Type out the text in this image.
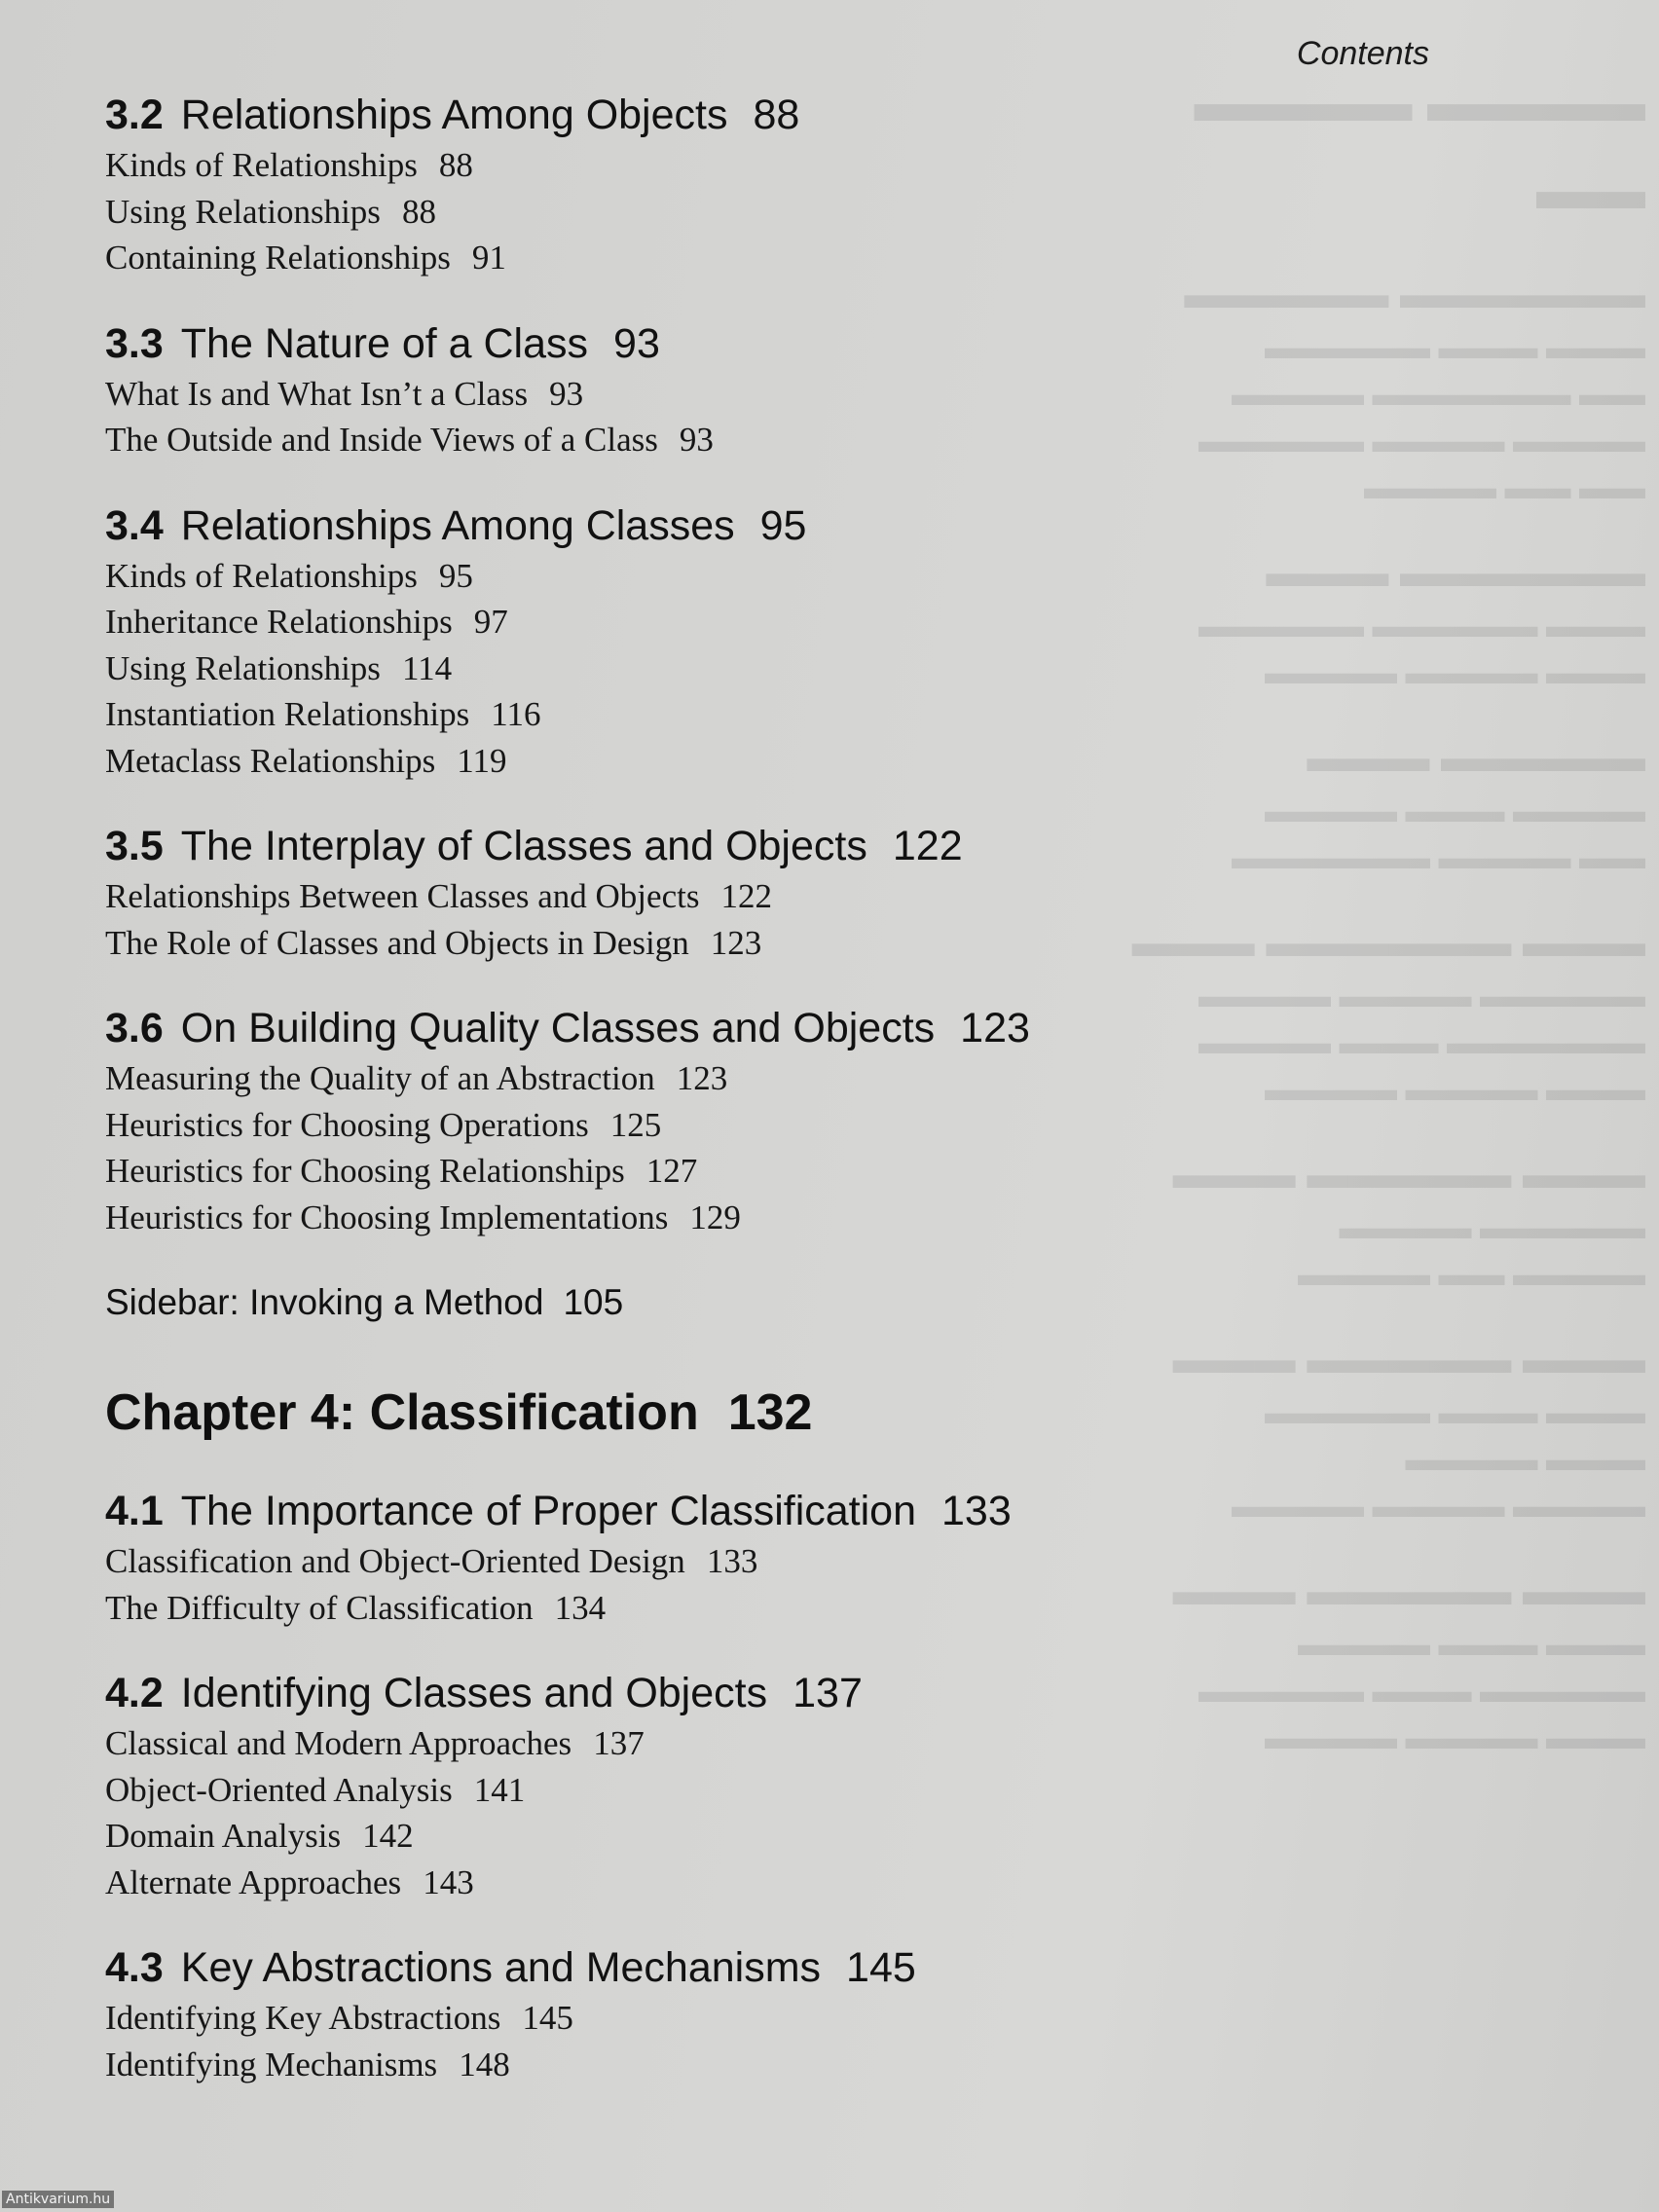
▬▬▬▬ ▬▬▬▬ ▬▬
▬▬▬▬▬ ▬▬▬▬▬▬
▬▬▬▬▬ ▬▬▬ ▬▬▬
▬▬▬▬ ▬▬▬▬▬▬ ▬▬
▬▬▬▬▬ ▬▬▬▬ ▬▬▬▬
▬▬▬▬ ▬▬ ▬▬
▬▬▬ ▬▬▬▬▬▬
▬▬▬▬▬ ▬▬▬▬▬ ▬▬▬
▬▬▬▬ ▬▬▬▬ ▬▬▬
▬▬▬ ▬▬▬▬▬
▬▬▬▬ ▬▬▬ ▬▬▬▬
▬▬▬▬▬▬ ▬▬▬▬ ▬▬
▬▬▬ ▬▬▬▬▬▬ ▬▬▬
▬▬▬▬ ▬▬▬▬ ▬▬▬▬▬
▬▬▬▬ ▬▬▬ ▬▬▬▬▬▬
▬▬▬▬ ▬▬▬▬ ▬▬▬
▬▬▬ ▬▬▬▬▬ ▬▬▬
▬▬▬▬ ▬▬▬▬▬
▬▬▬▬ ▬▬ ▬▬▬▬
▬▬▬ ▬▬▬▬▬ ▬▬▬
▬▬▬▬▬ ▬▬▬ ▬▬▬
▬▬▬▬ ▬▬▬
▬▬▬▬ ▬▬▬▬ ▬▬▬▬
▬▬▬ ▬▬▬▬▬ ▬▬▬
▬▬▬▬ ▬▬▬ ▬▬▬
▬▬▬▬▬ ▬▬▬ ▬▬▬▬▬
▬▬▬▬ ▬▬▬▬ ▬▬▬
Contents
3.2 Relationships Among Objects 88
Kinds of Relationships 88
Using Relationships 88
Containing Relationships 91
3.3 The Nature of a Class 93
What Is and What Isn’t a Class 93
The Outside and Inside Views of a Class 93
3.4 Relationships Among Classes 95
Kinds of Relationships 95
Inheritance Relationships 97
Using Relationships 114
Instantiation Relationships 116
Metaclass Relationships 119
3.5 The Interplay of Classes and Objects 122
Relationships Between Classes and Objects 122
The Role of Classes and Objects in Design 123
3.6 On Building Quality Classes and Objects 123
Measuring the Quality of an Abstraction 123
Heuristics for Choosing Operations 125
Heuristics for Choosing Relationships 127
Heuristics for Choosing Implementations 129
Sidebar: Invoking a Method 105
Chapter 4: Classification 132
4.1 The Importance of Proper Classification 133
Classification and Object-Oriented Design 133
The Difficulty of Classification 134
4.2 Identifying Classes and Objects 137
Classical and Modern Approaches 137
Object-Oriented Analysis 141
Domain Analysis 142
Alternate Approaches 143
4.3 Key Abstractions and Mechanisms 145
Identifying Key Abstractions 145
Identifying Mechanisms 148
Antikvarium.hu
